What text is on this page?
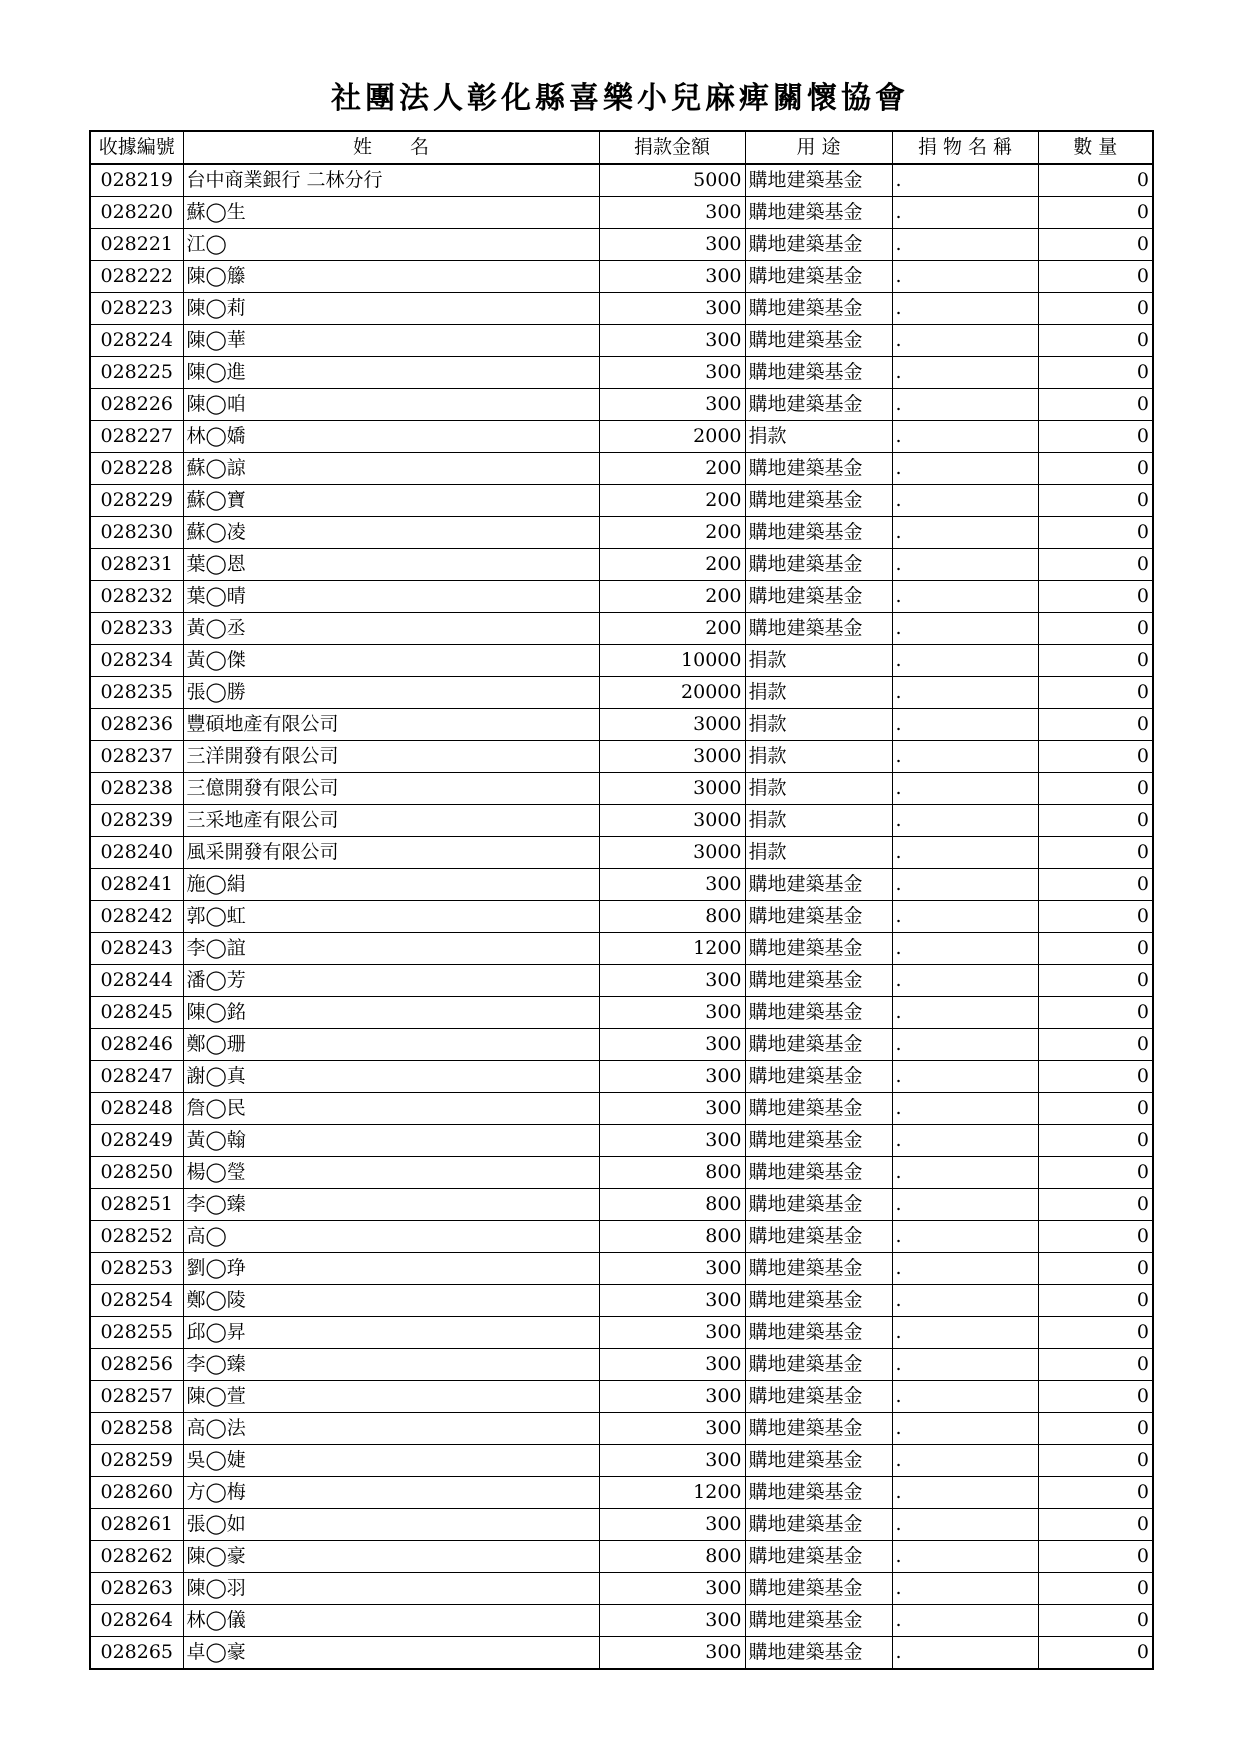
社團法人彰化縣喜樂小兒麻痺關懷協會
收據編號	姓　　名	捐款金額	用 途	捐 物 名 稱	數 量
028219	台中商業銀行 二林分行	5000	購地建築基金	.	0
028220	蘇◯生	300	購地建築基金	.	0
028221	江◯	300	購地建築基金	.	0
028222	陳◯籐	300	購地建築基金	.	0
028223	陳◯莉	300	購地建築基金	.	0
028224	陳◯華	300	購地建築基金	.	0
028225	陳◯進	300	購地建築基金	.	0
028226	陳◯咱	300	購地建築基金	.	0
028227	林◯嬌	2000	捐款	.	0
028228	蘇◯諒	200	購地建築基金	.	0
028229	蘇◯寶	200	購地建築基金	.	0
028230	蘇◯凌	200	購地建築基金	.	0
028231	葉◯恩	200	購地建築基金	.	0
028232	葉◯晴	200	購地建築基金	.	0
028233	黃◯丞	200	購地建築基金	.	0
028234	黃◯傑	10000	捐款	.	0
028235	張◯勝	20000	捐款	.	0
028236	豐碩地產有限公司	3000	捐款	.	0
028237	三洋開發有限公司	3000	捐款	.	0
028238	三億開發有限公司	3000	捐款	.	0
028239	三采地產有限公司	3000	捐款	.	0
028240	風采開發有限公司	3000	捐款	.	0
028241	施◯絹	300	購地建築基金	.	0
028242	郭◯虹	800	購地建築基金	.	0
028243	李◯誼	1200	購地建築基金	.	0
028244	潘◯芳	300	購地建築基金	.	0
028245	陳◯銘	300	購地建築基金	.	0
028246	鄭◯珊	300	購地建築基金	.	0
028247	謝◯真	300	購地建築基金	.	0
028248	詹◯民	300	購地建築基金	.	0
028249	黃◯翰	300	購地建築基金	.	0
028250	楊◯瑩	800	購地建築基金	.	0
028251	李◯臻	800	購地建築基金	.	0
028252	高◯	800	購地建築基金	.	0
028253	劉◯琤	300	購地建築基金	.	0
028254	鄭◯陵	300	購地建築基金	.	0
028255	邱◯昇	300	購地建築基金	.	0
028256	李◯臻	300	購地建築基金	.	0
028257	陳◯萱	300	購地建築基金	.	0
028258	高◯法	300	購地建築基金	.	0
028259	吳◯婕	300	購地建築基金	.	0
028260	方◯梅	1200	購地建築基金	.	0
028261	張◯如	300	購地建築基金	.	0
028262	陳◯豪	800	購地建築基金	.	0
028263	陳◯羽	300	購地建築基金	.	0
028264	林◯儀	300	購地建築基金	.	0
028265	卓◯豪	300	購地建築基金	.	0
